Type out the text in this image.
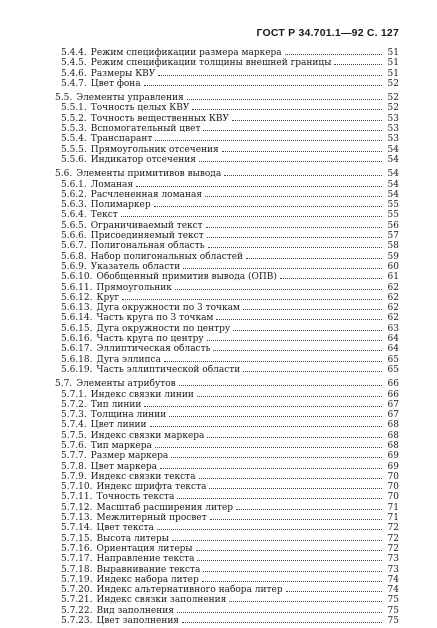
ГОСТ Р 34.701.1—92 С. 127
5.4.4. Режим спецификации размера маркера	51
5.4.5. Режим спецификации толщины внешней границы	51
5.4.6. Размеры КВУ	51
5.4.7. Цвет фона	52
5.5. Элементы управления	52
5.5.1. Точность целых КВУ	52
5.5.2. Точность вещественных КВУ	53
5.5.3. Вспомогательный цвет	53
5.5.4. Транспарант	53
5.5.5. Прямоугольник отсечения	54
5.5.6. Индикатор отсечения	54
5.6. Элементы примитивов вывода	54
5.6.1. Ломаная	54
5.6.2. Расчлененная ломаная	54
5.6.3. Полимаркер	55
5.6.4. Текст	55
5.6.5. Ограничиваемый текст	56
5.6.6. Присоединяемый текст	57
5.6.7. Полигональная область	58
5.6.8. Набор полигональных областей	59
5.6.9. Указатель области	60
5.6.10. Обобщенный примитив вывода (ОПВ)	61
5.6.11. Прямоугольник	62
5.6.12. Круг	62
5.6.13. Дуга окружности по 3 точкам	62
5.6.14. Часть круга по 3 точкам	62
5.6.15. Дуга окружности по центру	63
5.6.16. Часть круга по центру	64
5.6.17. Эллиптическая область	64
5.6.18. Дуга эллипса	65
5.6.19. Часть эллиптической области	65
5.7. Элементы атрибутов	66
5.7.1. Индекс связки линии	66
5.7.2. Тип линии	67
5.7.3. Толщина линии	67
5.7.4. Цвет линии	68
5.7.5. Индекс связки маркера	68
5.7.6. Тип маркера	68
5.7.7. Размер маркера	69
5.7.8. Цвет маркера	69
5.7.9. Индекс связки текста	70
5.7.10. Индекс шрифта текста	70
5.7.11. Точность текста	70
5.7.12. Масштаб расширения литер	71
5.7.13. Межлитерный просвет	71
5.7.14. Цвет текста	72
5.7.15. Высота литеры	72
5.7.16. Ориентация литеры	72
5.7.17. Направление текста	73
5.7.18. Выравнивание текста	73
5.7.19. Индекс набора литер	74
5.7.20. Индекс альтернативного набора литер	74
5.7.21. Индекс связки заполнения	75
5.7.22. Вид заполнения	75
5.7.23. Цвет заполнения	75
